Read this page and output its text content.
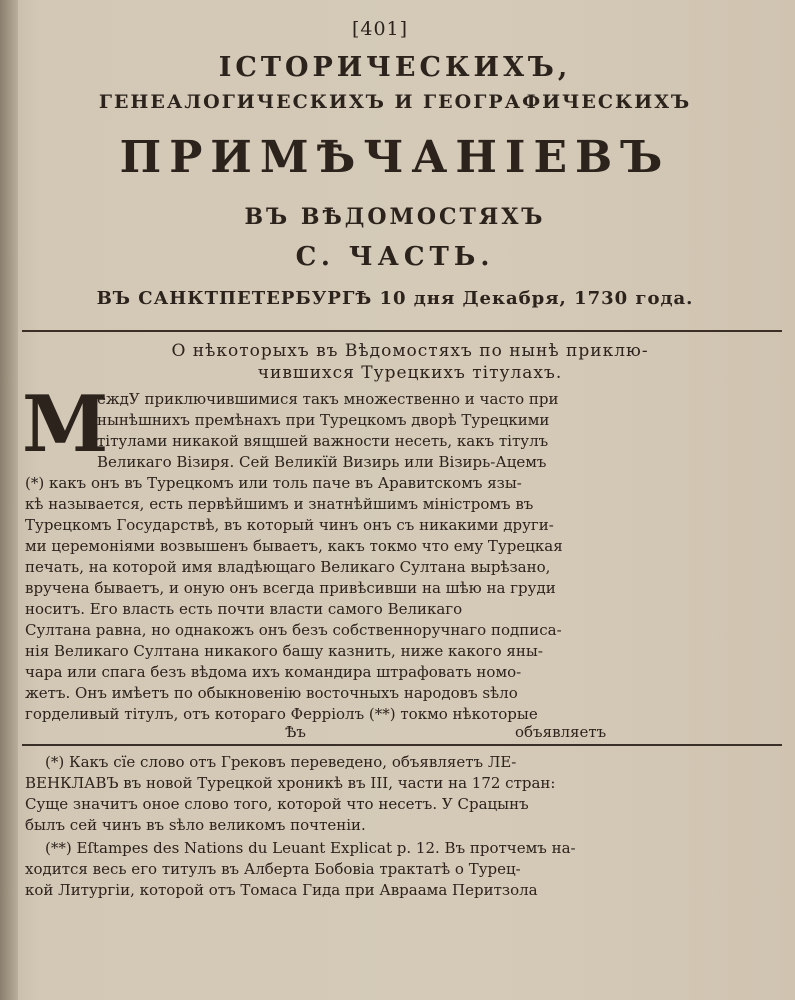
[401]
ІСТОРИЧЕСКИХЪ,
ГЕНЕАЛОГИЧЕСКИХЪ И ГЕОГРАФИЧЕСКИХЪ
ПРИМѢЧАНІЕВЪ
ВЪ ВѢДОМОСТЯХЪ
C. ЧАСТЬ.
ВЪ САНКТПЕТЕРБУРГѢ 10 дня Декабря, 1730 года.
О нѣкоторыхъ въ Вѣдомостяхъ по нынѣ приклю-
чившихся Турецкихъ тітулахъ.
М
еждУ приключившимися такъ множественно и часто при
нынѣшнихъ премѣнахъ при Турецкомъ дворѣ Турецкими
тітулами никакой вящшей важности несеть, какъ тітулъ
Великаго Візиря. Сей Великїй Визирь или Візирь-Ацемъ
(*) какъ онъ въ Турецкомъ или толь паче въ Аравитскомъ язы-
кѣ называется, есть первѣйшимъ и знатнѣйшимъ міністромъ въ
Турецкомъ Государствѣ, въ который чинъ онъ съ никакими други-
ми церемоніями возвышенъ бываетъ, какъ токмо что ему Турецкая
печать, на которой имя владѣющаго Великаго Султана вырѣзано,
вручена бываетъ, и оную онъ всегда привѣсивши на шѣю на груди
носитъ. Его власть есть почти власти самого Великаго
Султана равна, но однакожъ онъ безъ собственноручнаго подписа-
нія Великаго Султана никакого башу казнить, ниже какого яны-
чара или спага безъ вѣдома ихъ командира штрафовать номо-
жетъ. Онъ имѣетъ по обыкновенію восточныхъ народовъ ѕѣло
горделивый тітулъ, отъ котораго Ферріолъ (**) токмо нѣкоторые
Ѣъ	объявляетъ
(*) Какъ сїе слово отъ Грековъ переведено, объявляетъ ЛЕ-
ВЕНКЛАВЪ въ новой Турецкой хроникѣ въ III, части на 172 стран:
Суще значитъ оное слово того, которой что несетъ. У Срацынъ
былъ сей чинъ въ ѕѣло великомъ почтеніи.
(**) Eſtampes des Nations du Leuant Explicat p. 12. Въ протчемъ на-
ходится весь его титулъ въ Алберта Бобовіа трактатѣ о Турец-
кой Литургіи, которой отъ Томаса Гида при Авраама Перитзола
